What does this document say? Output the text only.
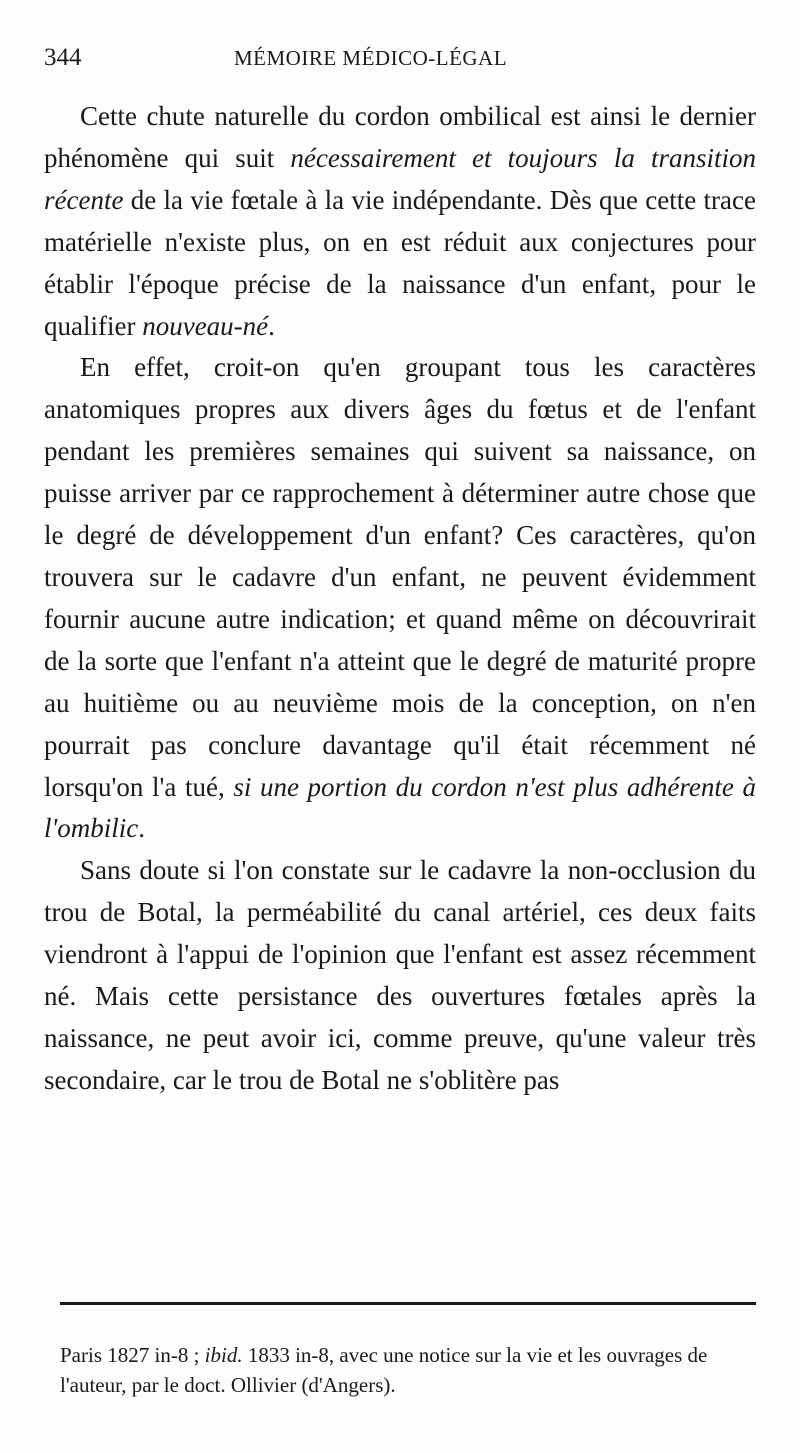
344	MÉMOIRE MÉDICO-LÉGAL

Cette chute naturelle du cordon ombilical est ainsi le dernier phénomène qui suit nécessairement et toujours la transition récente de la vie fœtale à la vie indépendante. Dès que cette trace matérielle n'existe plus, on en est réduit aux conjectures pour établir l'époque précise de la naissance d'un enfant, pour le qualifier nouveau-né.

En effet, croit-on qu'en groupant tous les caractères anatomiques propres aux divers âges du fœtus et de l'enfant pendant les premières semaines qui suivent sa naissance, on puisse arriver par ce rapprochement à déterminer autre chose que le degré de développement d'un enfant? Ces caractères, qu'on trouvera sur le cadavre d'un enfant, ne peuvent évidemment fournir aucune autre indication; et quand même on découvrirait de la sorte que l'enfant n'a atteint que le degré de maturité propre au huitième ou au neuvième mois de la conception, on n'en pourrait pas conclure davantage qu'il était récemment né lorsqu'on l'a tué, si une portion du cordon n'est plus adhérente à l'ombilic.

Sans doute si l'on constate sur le cadavre la non-occlusion du trou de Botal, la perméabilité du canal artériel, ces deux faits viendront à l'appui de l'opinion que l'enfant est assez récemment né. Mais cette persistance des ouvertures fœtales après la naissance, ne peut avoir ici, comme preuve, qu'une valeur très secondaire, car le trou de Botal ne s'oblitère pas

Paris 1827 in-8 ; ibid. 1833 in-8, avec une notice sur la vie et les ouvrages de l'auteur, par le doct. Ollivier (d'Angers).
